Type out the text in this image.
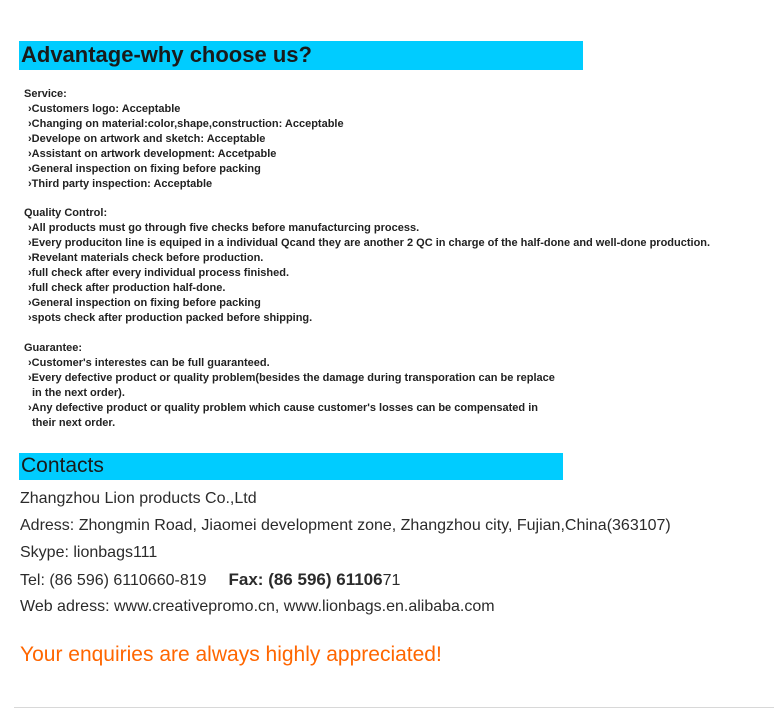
Advantage-why choose us?
Service:
›Customers logo: Acceptable
›Changing on material:color,shape,construction: Acceptable
›Develope on artwork and sketch: Acceptable
›Assistant on artwork development: Accetpable
›General inspection on fixing before packing
›Third party inspection: Acceptable
Quality Control:
›All products must go through five checks before manufacturcing process.
›Every produciton line is equiped in a individual Qcand they are another 2 QC in charge of the half-done and well-done production.
›Revelant materials check before production.
›full check after every individual process finished.
›full check after production half-done.
›General inspection on fixing before packing
›spots check after production packed before shipping.
Guarantee:
›Customer's interestes can be full guaranteed.
›Every defective product or quality problem(besides the damage during transporation can be replace
in the next order).
›Any defective product or quality problem which cause customer's losses can be compensated in
their next order.
Contacts
Zhangzhou Lion products Co.,Ltd
Adress: Zhongmin Road, Jiaomei development zone, Zhangzhou city, Fujian,China(363107)
Skype: lionbags111
Tel: (86 596) 6110660-819 Fax: (86 596) 6110671
Web adress: www.creativepromo.cn, www.lionbags.en.alibaba.com
Your enquiries are always highly appreciated!
